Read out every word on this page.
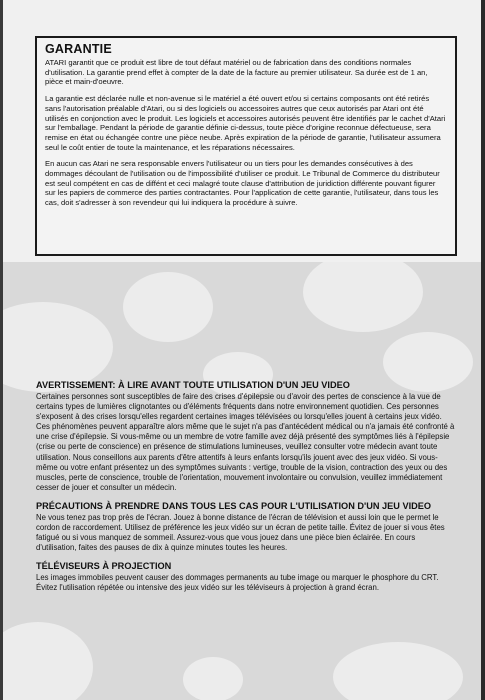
GARANTIE

ATARI garantit que ce produit est libre de tout défaut matériel ou de fabrication dans des conditions normales d'utilisation. La garantie prend effet à compter de la date de la facture au premier utilisateur. Sa durée est de 1 an, pièce et main-d'oeuvre.

La garantie est déclarée nulle et non-avenue si le matériel a été ouvert et/ou si certains composants ont été retirés sans l'autorisation préalable d'Atari, ou si des logiciels ou accessoires autres que ceux autorisés par Atari ont été utilisés en conjonction avec le produit. Les logiciels et accessoires autorisés peuvent être identifiés par le cachet d'Atari sur l'emballage. Pendant la période de garantie définie ci-dessus, toute pièce d'origine reconnue défectueuse, sera remise en état ou échangée contre une pièce neube. Après expiration de la période de garantie, l'utilisateur assumera seul le coût entier de toute la maintenance, et les réparations nécessaires.

En aucun cas Atari ne sera responsable envers l'utilisateur ou un tiers pour les demandes consécutives à des dommages découlant de l'utilisation ou de l'impossibilité d'utiliser ce produit. Le Tribunal de Commerce du distributeur est seul compétent en cas de diffént et ceci malagré toute clause d'attribution de juridiction différente pouvant figurer sur les papiers de commerce des parties contractantes. Pour l'application de cette garantie, l'utilisateur, dans tous les cas, doit s'adresser à son revendeur qui lui indiquera la procédure à suivre.

AVERTISSEMENT: À LIRE AVANT TOUTE UTILISATION D'UN JEU VIDEO

Certaines personnes sont susceptibles de faire des crises d'épilepsie ou d'avoir des pertes de conscience à la vue de certains types de lumières clignotantes ou d'éléments fréquents dans notre environnement quotidien. Ces personnes s'exposent à des crises lorsqu'elles regardent certaines images télévisées ou lorsqu'elles jouent à certains jeux vidéo. Ces phénomènes peuvent apparaître alors même que le sujet n'a pas d'antécédent médical ou n'a jamais été confronté à une crise d'épilepsie. Si vous-même ou un membre de votre famille avez déjà présenté des symptômes liés à l'épilepsie (crise ou perte de conscience) en présence de stimulations lumineuses, veuillez consulter votre médecin avant toute utilisation. Nous conseillons aux parents d'être attentifs à leurs enfants lorsqu'ils jouent avec des jeux vidéo. Si vous-même ou votre enfant présentez un des symptômes suivants : vertige, trouble de la vision, contraction des yeux ou des muscles, perte de conscience, trouble de l'orientation, mouvement involontaire ou convulsion, veuillez immédiatement cesser de jouer et consulter un médecin.

PRÉCAUTIONS À PRENDRE DANS TOUS LES CAS POUR L'UTILISATION D'UN JEU VIDEO

Ne vous tenez pas trop près de l'écran. Jouez à bonne distance de l'écran de télévision et aussi loin que le permet le cordon de raccordement. Utilisez de préférence les jeux vidéo sur un écran de petite taille. Évitez de jouer si vous êtes fatigué ou si vous manquez de sommeil. Assurez-vous que vous jouez dans une pièce bien éclairée. En cours d'utilisation, faites des pauses de dix à quinze minutes toutes les heures.

TÉLÉVISEURS À PROJECTION

Les images immobiles peuvent causer des dommages permanents au tube image ou marquer le phosphore du CRT. Évitez l'utilisation répétée ou intensive des jeux vidéo sur les téléviseurs à projection à grand écran.
